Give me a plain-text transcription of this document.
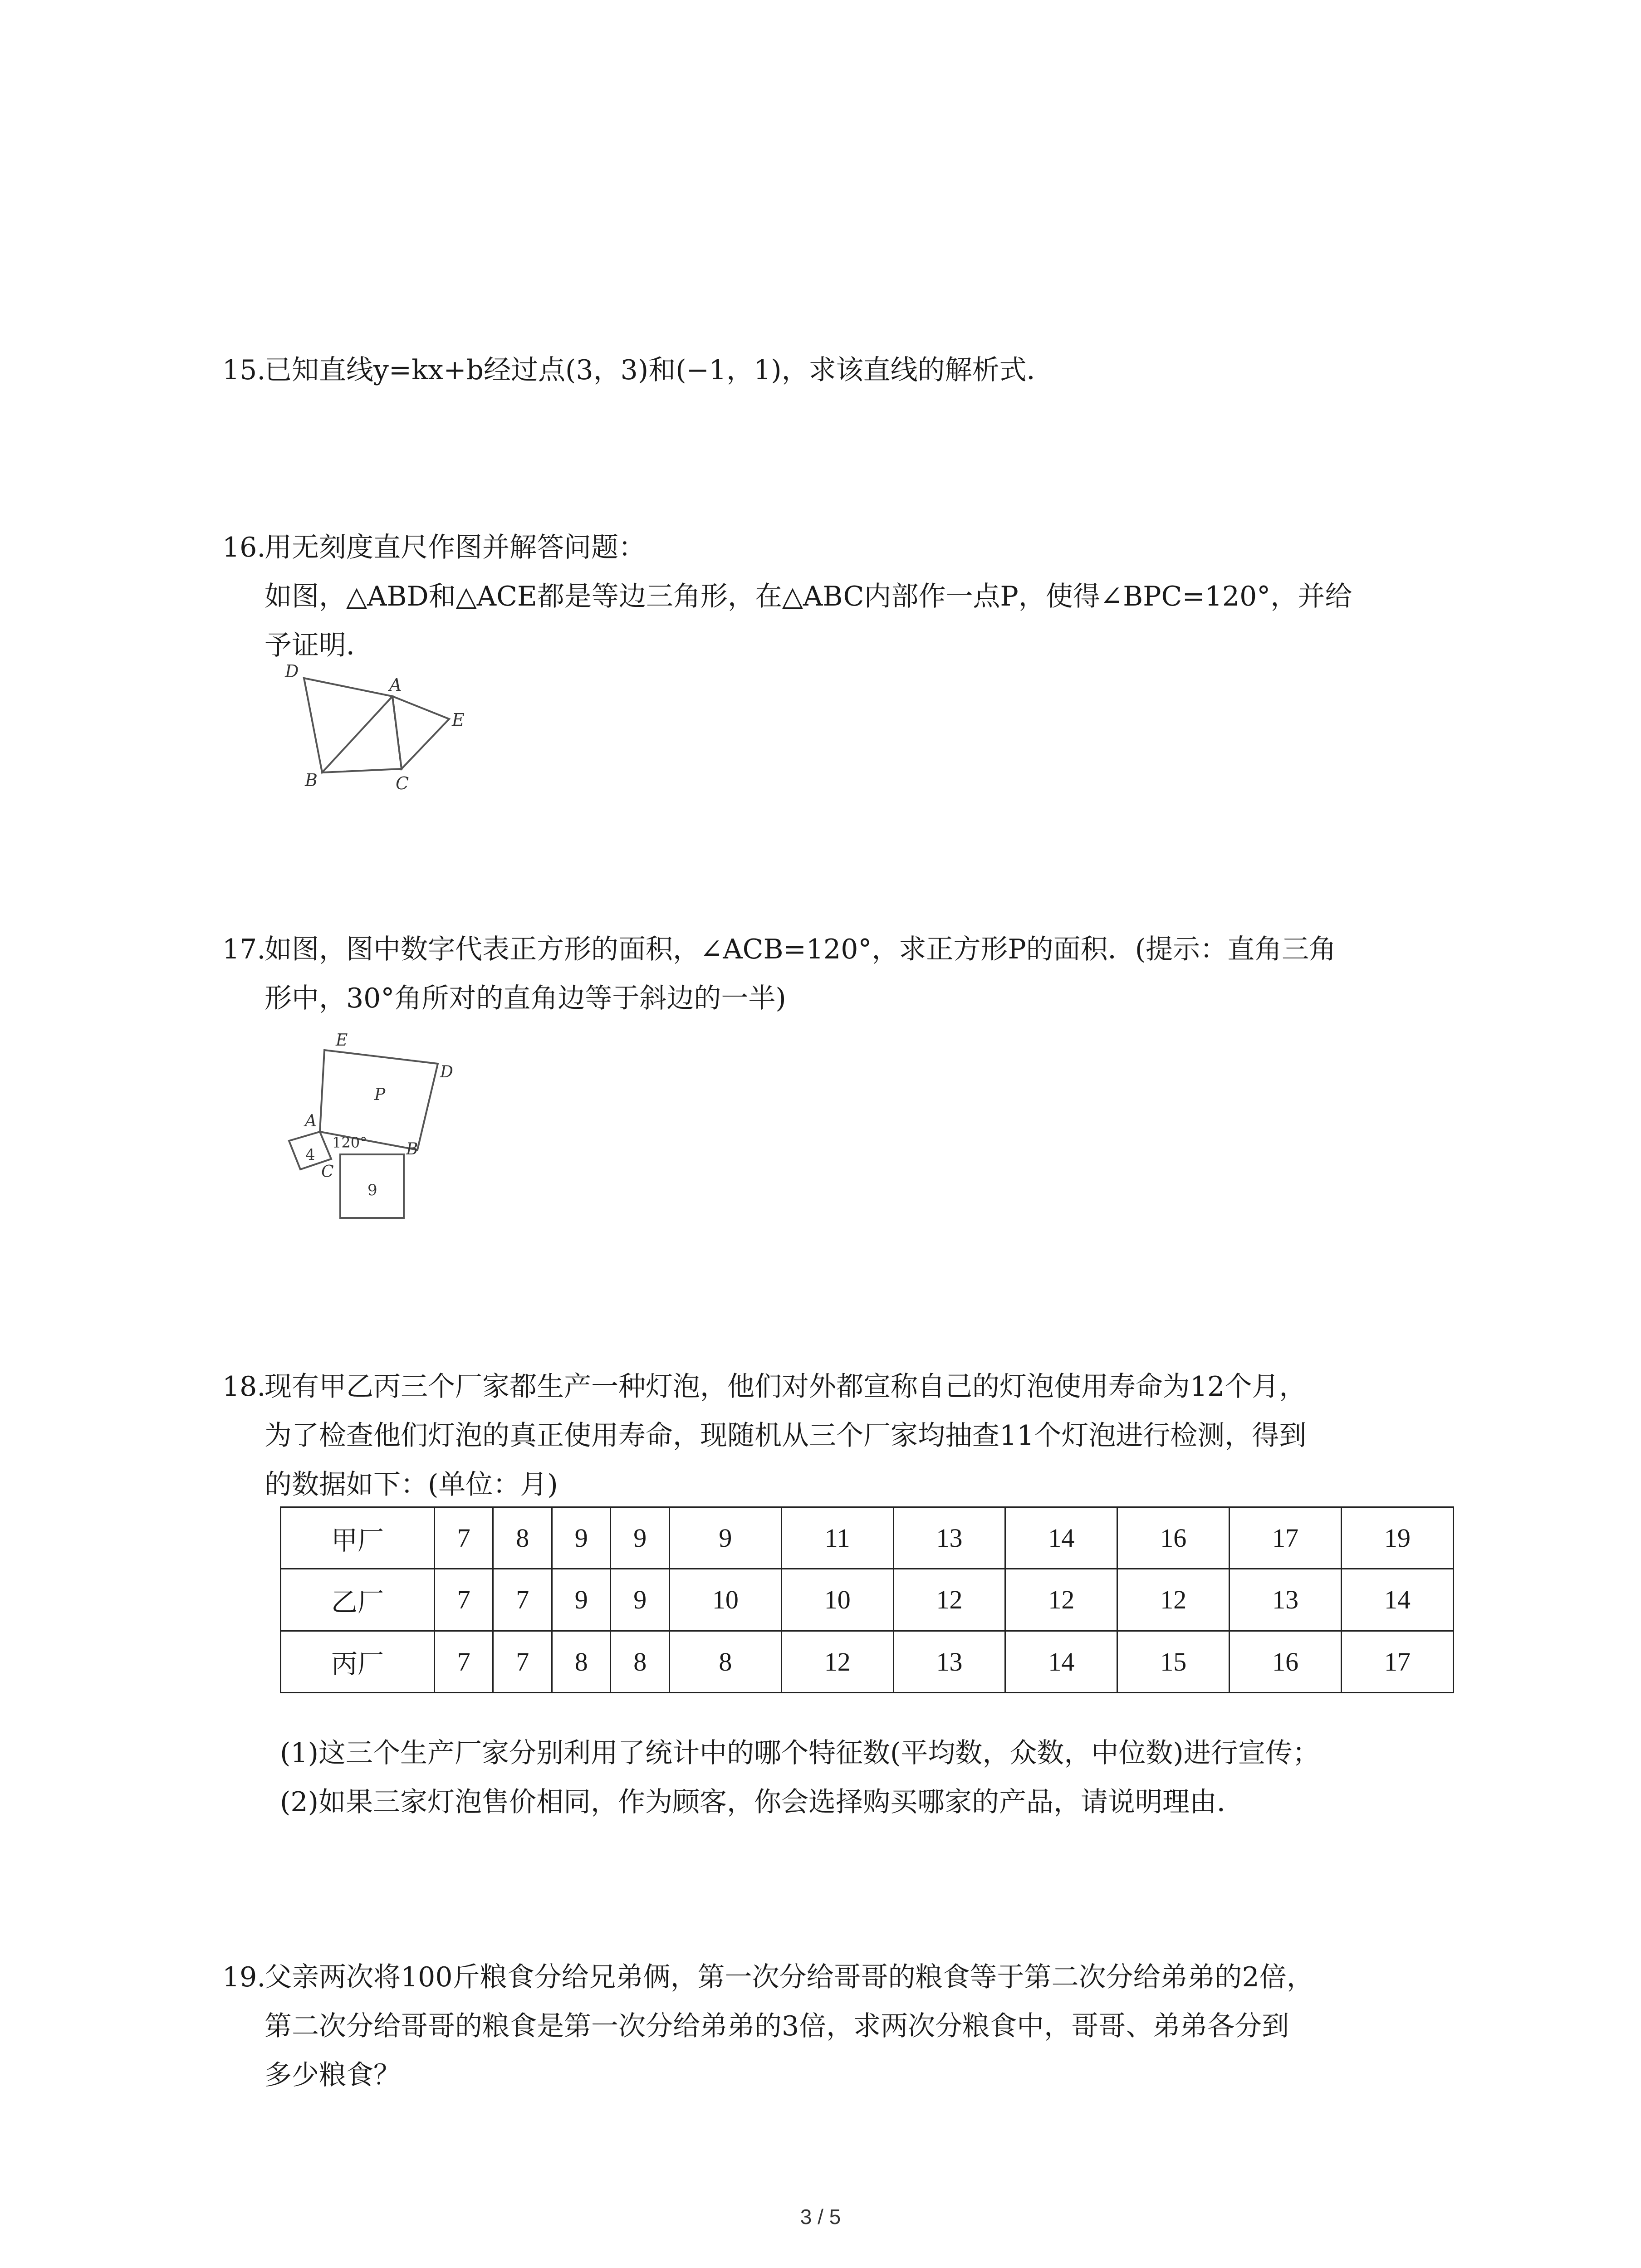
15.已知直线y=kx+b经过点(3，3)和(−1，1)，求该直线的解析式．

16.用无刻度直尺作图并解答问题：

如图，△ABD和△ACE都是等边三角形，在△ABC内部作一点P，使得∠BPC=120°，并给

予证明．

D
A
E
B	C

17.如图，图中数字代表正方形的面积，∠ACB=120°，求正方形P的面积．(提示：直角三角

形中，30°角所对的直角边等于斜边的一半)

E
D
P
A
4
120° B
C
9

18.现有甲乙丙三个厂家都生产一种灯泡，他们对外都宣称自己的灯泡使用寿命为12个月，

为了检查他们灯泡的真正使用寿命，现随机从三个厂家均抽查11个灯泡进行检测，得到

的数据如下：(单位：月)

甲厂	7	8	9	9	9	11	13	14	16	17	19
乙厂	7	7	9	9	10	10	12	12	12	13	14
丙厂	7	7	8	8	8	12	13	14	15	16	17

(1)这三个生产厂家分别利用了统计中的哪个特征数(平均数，众数，中位数)进行宣传；

(2)如果三家灯泡售价相同，作为顾客，你会选择购买哪家的产品，请说明理由．

19.父亲两次将100斤粮食分给兄弟俩，第一次分给哥哥的粮食等于第二次分给弟弟的2倍，

第二次分给哥哥的粮食是第一次分给弟弟的3倍，求两次分粮食中，哥哥、弟弟各分到

多少粮食？

3 / 5
